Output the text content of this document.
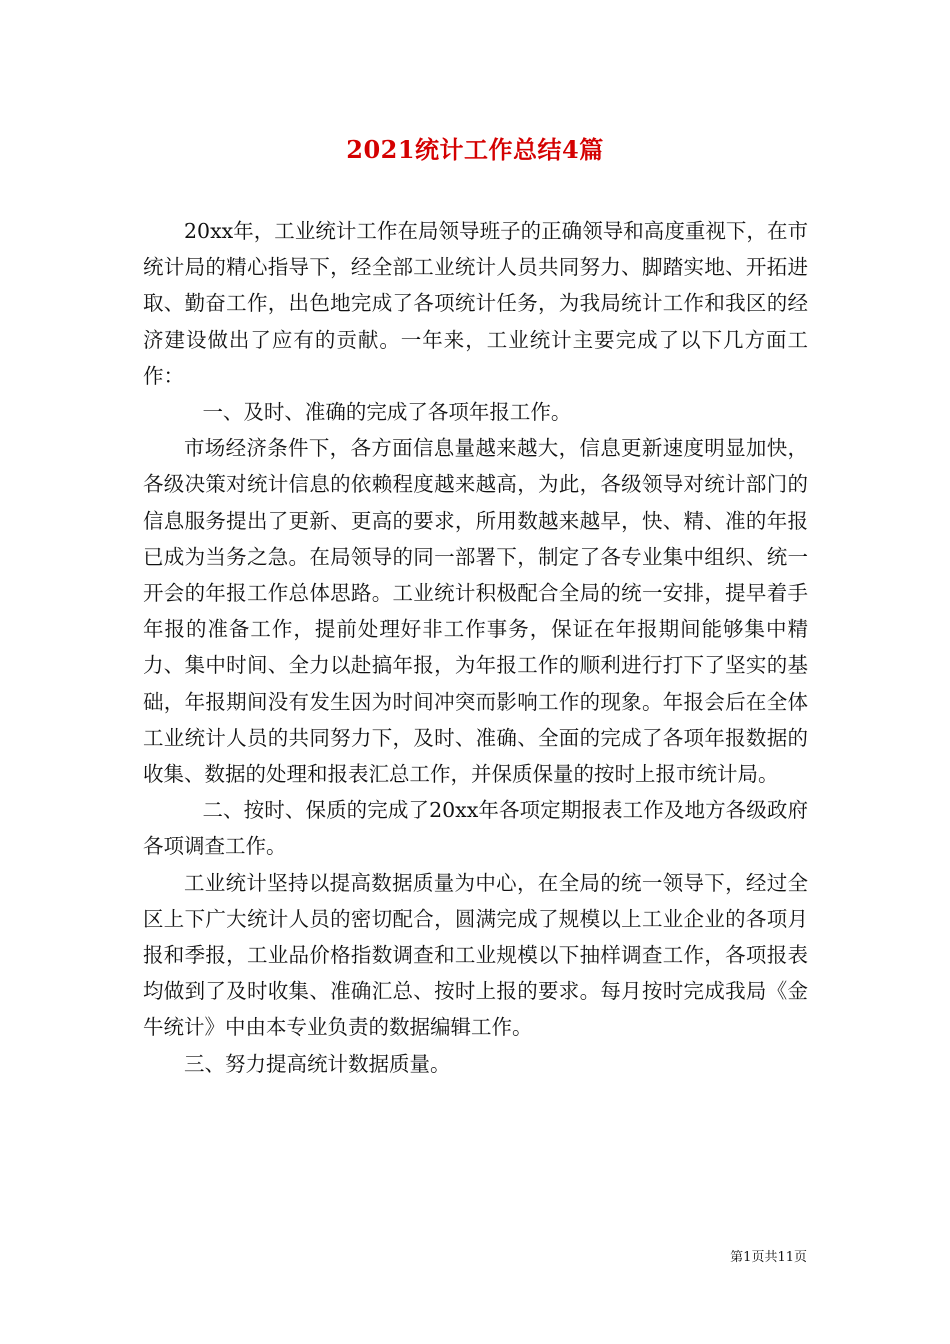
2021统计工作总结4篇

20xx年，工业统计工作在局领导班子的正确领导和高度重视下，在市统计局的精心指导下，经全部工业统计人员共同努力、脚踏实地、开拓进取、勤奋工作，出色地完成了各项统计任务，为我局统计工作和我区的经济建设做出了应有的贡献。一年来，工业统计主要完成了以下几方面工作：

一、及时、准确的完成了各项年报工作。

市场经济条件下，各方面信息量越来越大，信息更新速度明显加快，各级决策对统计信息的依赖程度越来越高，为此，各级领导对统计部门的信息服务提出了更新、更高的要求，所用数越来越早，快、精、准的年报已成为当务之急。在局领导的同一部署下，制定了各专业集中组织、统一开会的年报工作总体思路。工业统计积极配合全局的统一安排，提早着手年报的准备工作，提前处理好非工作事务，保证在年报期间能够集中精力、集中时间、全力以赴搞年报，为年报工作的顺利进行打下了坚实的基础，年报期间没有发生因为时间冲突而影响工作的现象。年报会后在全体工业统计人员的共同努力下，及时、准确、全面的完成了各项年报数据的收集、数据的处理和报表汇总工作，并保质保量的按时上报市统计局。

二、按时、保质的完成了20xx年各项定期报表工作及地方各级政府各项调查工作。

工业统计坚持以提高数据质量为中心，在全局的统一领导下，经过全区上下广大统计人员的密切配合，圆满完成了规模以上工业企业的各项月报和季报，工业品价格指数调查和工业规模以下抽样调查工作，各项报表均做到了及时收集、准确汇总、按时上报的要求。每月按时完成我局《金牛统计》中由本专业负责的数据编辑工作。

三、努力提高统计数据质量。

第1页共11页
